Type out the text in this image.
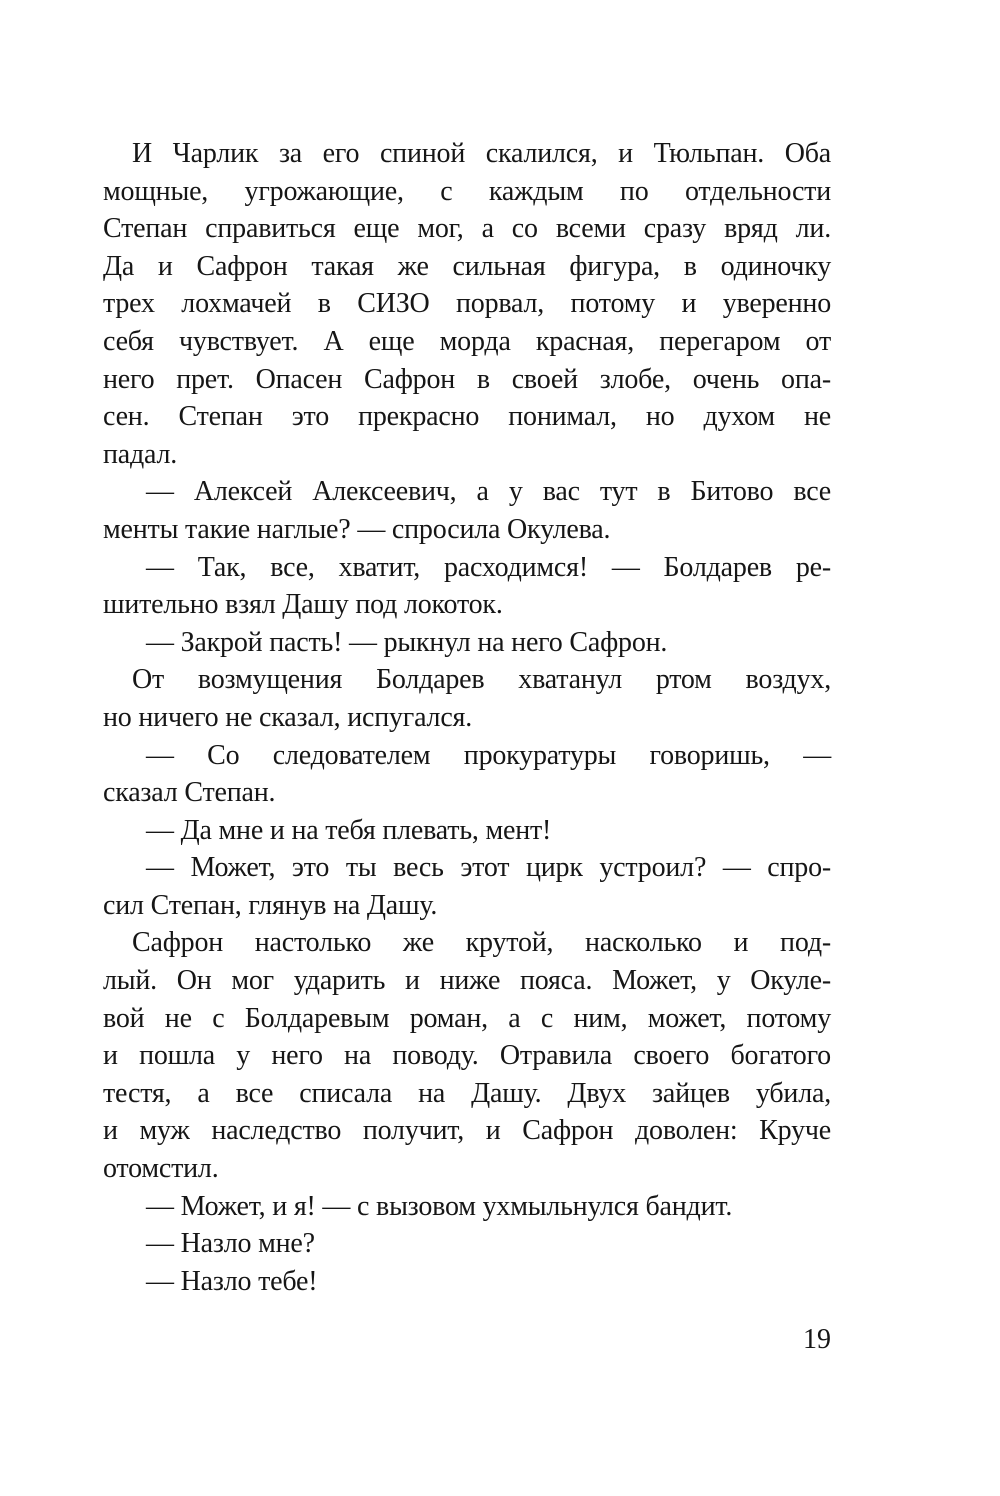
И Чарлик за его спиной скалился, и Тюльпан. Оба
мощные, угрожающие, с каждым по отдельности
Степан справиться еще мог, а со всеми сразу вряд ли.
Да и Сафрон такая же сильная фигура, в одиночку
трех лохмачей в СИЗО порвал, потому и уверенно
себя чувствует. А еще морда красная, перегаром от
него прет. Опасен Сафрон в своей злобе, очень опа-
сен. Степан это прекрасно понимал, но духом не
падал.
— Алексей Алексеевич, а у вас тут в Битово все
менты такие наглые? — спросила Окулева.
— Так, все, хватит, расходимся! — Болдарев ре-
шительно взял Дашу под локоток.
— Закрой пасть! — рыкнул на него Сафрон.
От возмущения Болдарев хватанул ртом воздух,
но ничего не сказал, испугался.
— Со следователем прокуратуры говоришь, —
сказал Степан.
— Да мне и на тебя плевать, мент!
— Может, это ты весь этот цирк устроил? — спро-
сил Степан, глянув на Дашу.
Сафрон настолько же крутой, насколько и под-
лый. Он мог ударить и ниже пояса. Может, у Окуле-
вой не с Болдаревым роман, а с ним, может, потому
и пошла у него на поводу. Отравила своего богатого
тестя, а все списала на Дашу. Двух зайцев убила,
и муж наследство получит, и Сафрон доволен: Круче
отомстил.
— Может, и я! — с вызовом ухмыльнулся бандит.
— Назло мне?
— Назло тебе!
19
